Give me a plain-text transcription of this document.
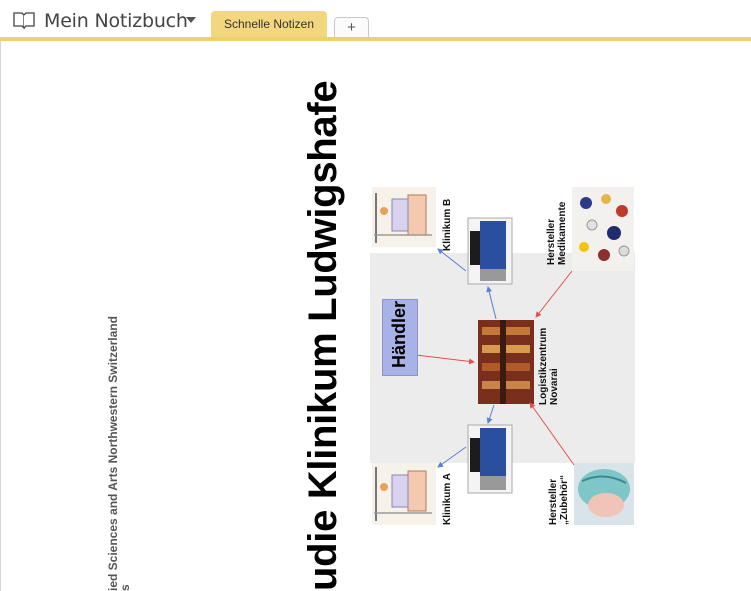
Mein Notizbuch	Schnelle Notizen	+
ied Sciences and Arts Northwestern Switzerland
s	udie Klinikum Ludwigshafe Händler
Klinikum B
Klinikum A
Logistikzentrum Novarai
Hersteller Medikamente
Hersteller „Zubehör“
